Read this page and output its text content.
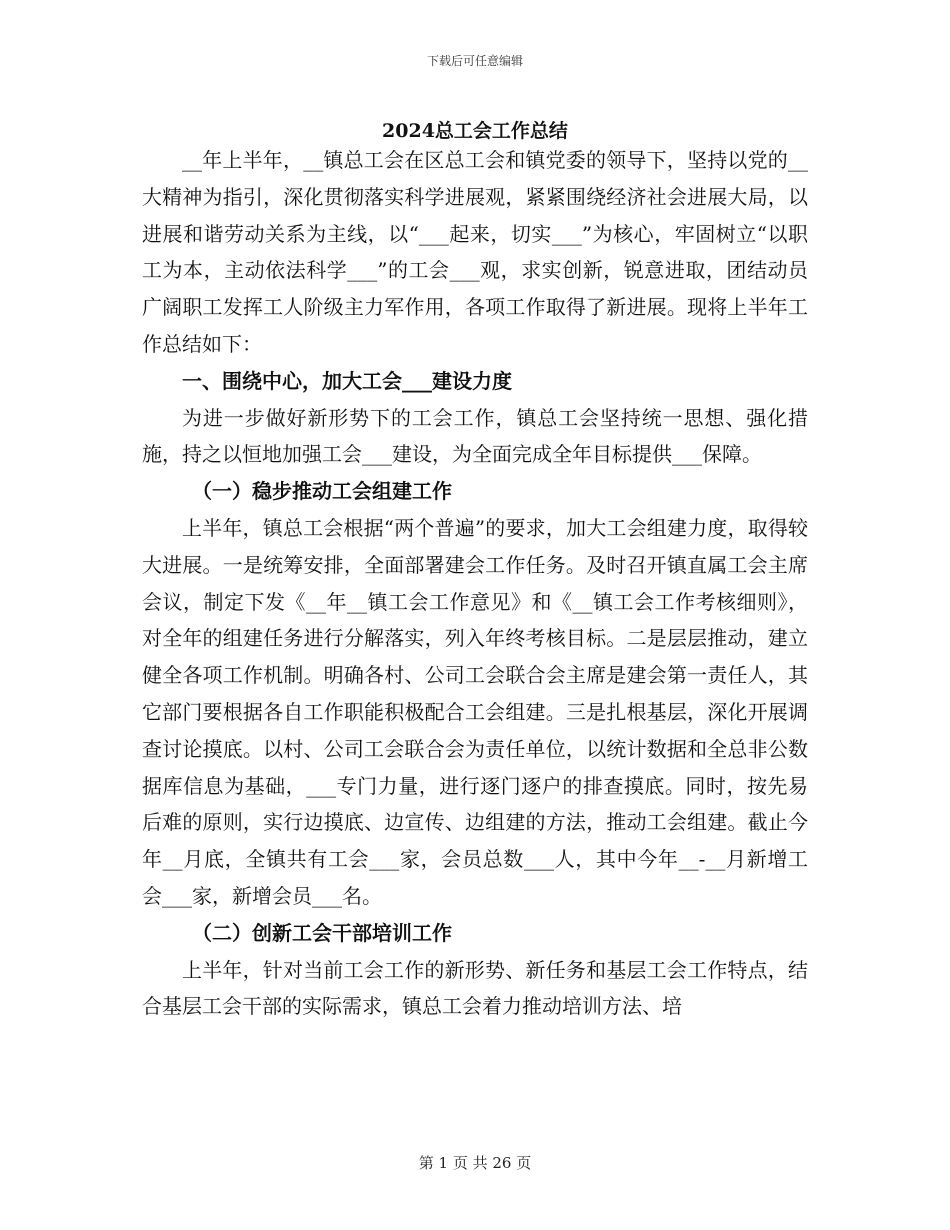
下载后可任意编辑
2024总工会工作总结

__年上半年，__镇总工会在区总工会和镇党委的领导下，坚持以党的__大精神为指引，深化贯彻落实科学进展观，紧紧围绕经济社会进展大局，以进展和谐劳动关系为主线，以“___起来，切实___”为核心，牢固树立“以职工为本，主动依法科学___”的工会___观，求实创新，锐意进取，团结动员广阔职工发挥工人阶级主力军作用，各项工作取得了新进展。现将上半年工作总结如下：

一、围绕中心，加大工会___建设力度

为进一步做好新形势下的工会工作，镇总工会坚持统一思想、强化措施，持之以恒地加强工会___建设，为全面完成全年目标提供___保障。

（一）稳步推动工会组建工作

上半年，镇总工会根据“两个普遍”的要求，加大工会组建力度，取得较大进展。一是统筹安排，全面部署建会工作任务。及时召开镇直属工会主席会议，制定下发《__年__镇工会工作意见》和《__镇工会工作考核细则》，对全年的组建任务进行分解落实，列入年终考核目标。二是层层推动，建立健全各项工作机制。明确各村、公司工会联合会主席是建会第一责任人，其它部门要根据各自工作职能积极配合工会组建。三是扎根基层，深化开展调查讨论摸底。以村、公司工会联合会为责任单位，以统计数据和全总非公数据库信息为基础，___专门力量，进行逐门逐户的排查摸底。同时，按先易后难的原则，实行边摸底、边宣传、边组建的方法，推动工会组建。截止今年__月底，全镇共有工会___家，会员总数___人，其中今年__-__月新增工会___家，新增会员___名。

（二）创新工会干部培训工作

上半年，针对当前工会工作的新形势、新任务和基层工会工作特点，结合基层工会干部的实际需求，镇总工会着力推动培训方法、培

第 1 页 共 26 页
